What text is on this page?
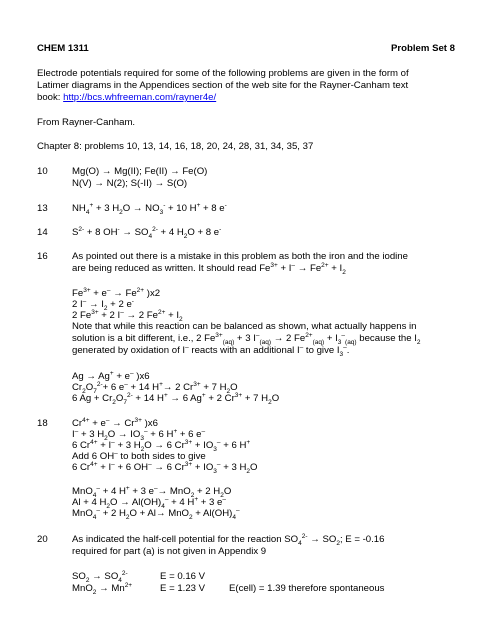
CHEM 1311	Problem Set 8
Electrode potentials required for some of the following problems are given in the form of
Latimer diagrams in the Appendices section of the web site for the Rayner-Canham text
book: http://bcs.whfreeman.com/rayner4e/
From Rayner-Canham.
Chapter 8: problems 10, 13, 14, 16, 18, 20, 24, 28, 31, 34, 35, 37
10	Mg(O) → Mg(II); Fe(II) → Fe(O)
N(V) → N(2); S(-II) → S(O)
13	$NH_4^+ + 3$ $H_2O \to NO_3^- + 10$ H+ + 8 e-
14	$S^{2-} + 8$ $OH^- \to SO_4^{2-} + 4$ $H_2O + 8$ e-
16	As pointed out there is a mistake in this problem as both the iron and the iodine
are being reduced as written. It should read $Fe^{3+} + I^- \to Fe^{2+} + I_2$
$Fe^{3+} + e^- \to Fe^{2+}$ )x2
2 $I^- \to I_2 + 2$ e-
2 $Fe^{3+} + 2$ I– → 2 $Fe^{2+} + I_2$
Note that while this reaction can be balanced as shown, what actually happens in
solution is a bit different, i.e., 2 $Fe^{3+}_{(aq)} + 3$ $I^-_{(aq)} \to 2$ $Fe^{2+}_{(aq)} + I_3^-_{(aq)}$ because the $I_2$
generated by oxidation of I– reacts with an additional I– to give $I_3^-$.
Ag → Ag+ + e– )x6
$Cr_2O_7^{2-}+ 6$ e– + 14 H+→ 2 $Cr^{3+} + 7$ $H_2O$
6 $Ag + Cr_2O_7^{2-} + 14$ H+ → 6 Ag+ + 2 $Cr^{3+} + 7$ $H_2O$
18	$Cr^{4+} + e^- \to Cr^{3+}$ )x6
I– + 3 $H_2O \to IO_3^- + 6$ H+ + 6 e–
6 $Cr^{4+} + I^- + 3$ $H_2O \to 6$ $Cr^{3+} + IO_3^- + 6$ H+
Add 6 OH– to both sides to give
6 $Cr^{4+} + I^- + 6$ OH– → 6 $Cr^{3+} + IO_3^- + 3$ $H_2O$
MnO$_4$– + 4 H+ + 3 e–→ MnO$_2$ + 2 $H_2O$
Al + 4 $H_2O \to Al(OH)_4^- + 4$ H+ + 3 e–
MnO$_4$– + 2 $H_2O + Al\to MnO_2 + Al(OH)_4^-$
20	As indicated the half-cell potential for the reaction $SO_4^{2-} \to SO_2$; E = -0.16
required for part (a) is not given in Appendix 9
$SO_2 \to SO_4^{2-}$	E = 0.16 V
$MnO_2 \to Mn^{2+}$	E = 1.23 V E(cell) = 1.39 therefore spontaneous
